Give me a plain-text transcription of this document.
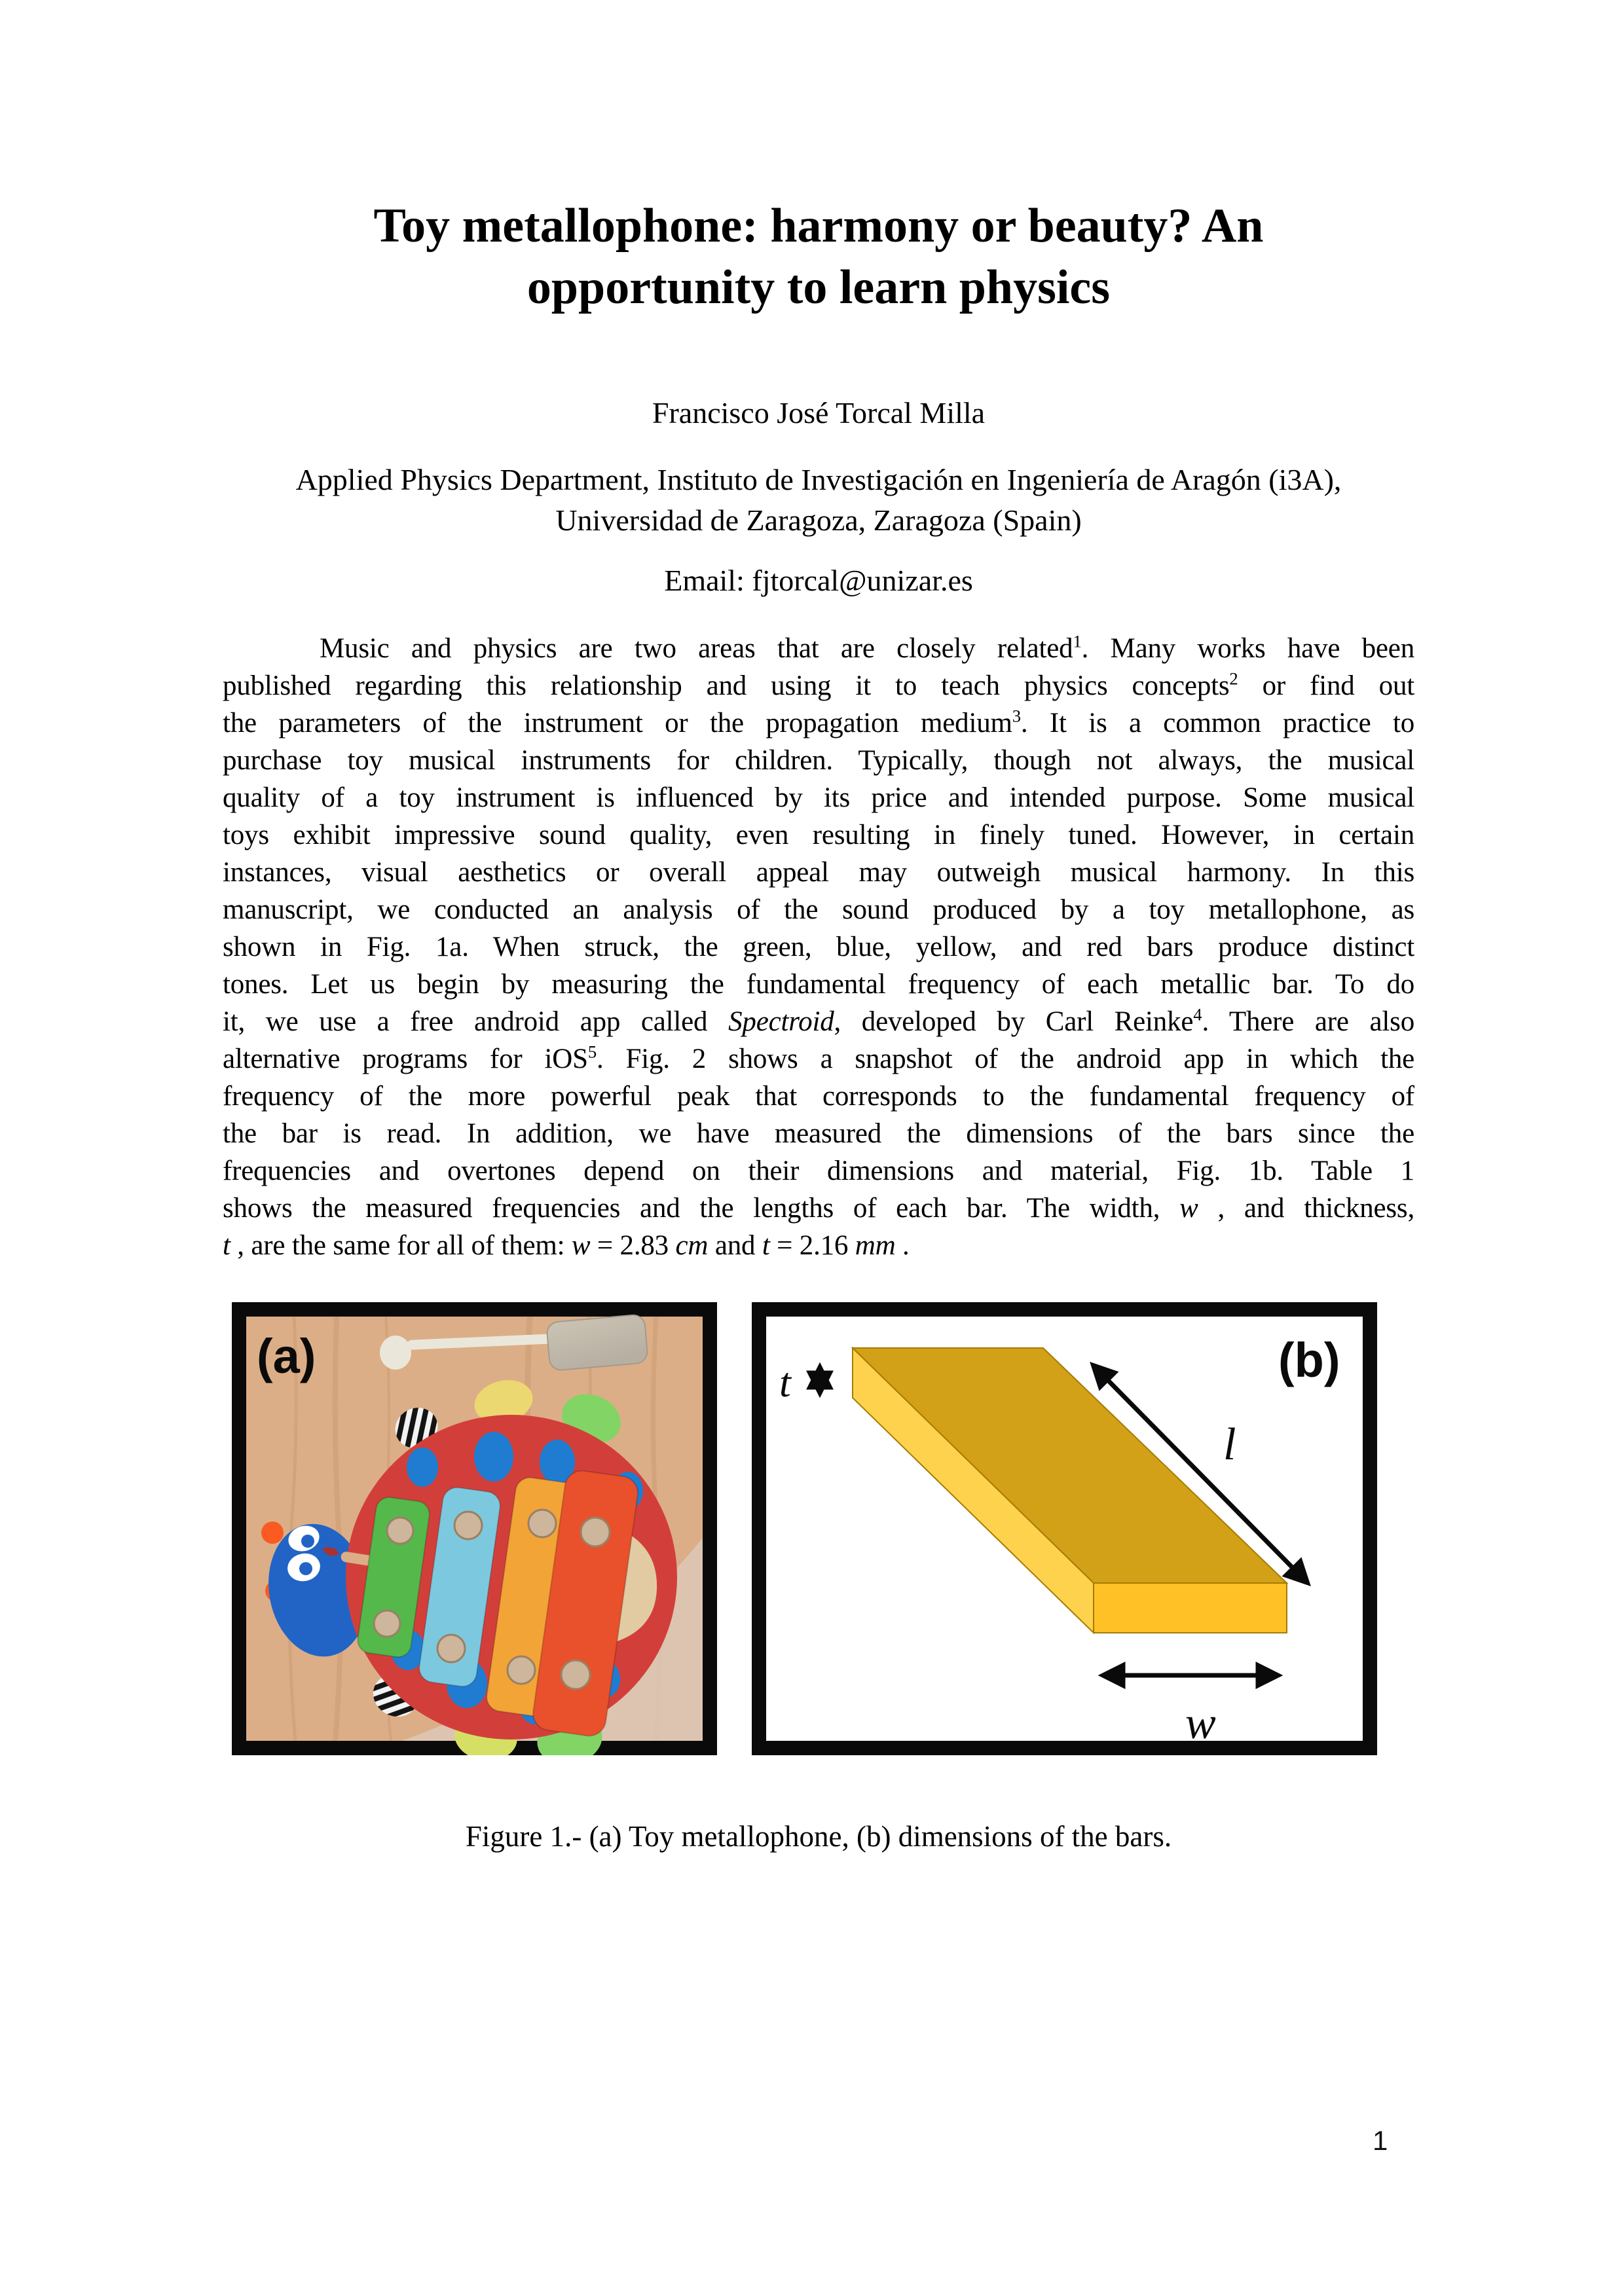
Toy metallophone: harmony or beauty? An
opportunity to learn physics
Francisco José Torcal Milla
Applied Physics Department, Instituto de Investigación en Ingeniería de Aragón (i3A),
Universidad de Zaragoza, Zaragoza (Spain)
Email: fjtorcal@unizar.es
Music and physics are two areas that are closely related$^1$. Many works have been
published regarding this relationship and using it to teach physics concepts$^2$ or find out
the parameters of the instrument or the propagation medium$^3$. It is a common practice to
purchase toy musical instruments for children. Typically, though not always, the musical
quality of a toy instrument is influenced by its price and intended purpose. Some musical
toys exhibit impressive sound quality, even resulting in finely tuned. However, in certain
instances, visual aesthetics or overall appeal may outweigh musical harmony. In this
manuscript, we conducted an analysis of the sound produced by a toy metallophone, as
shown in Fig. 1a. When struck, the green, blue, yellow, and red bars produce distinct
tones. Let us begin by measuring the fundamental frequency of each metallic bar. To do
it, we use a free android app called Spectroid, developed by Carl Reinke$^4$. There are also
alternative programs for iOS$^5$. Fig. 2 shows a snapshot of the android app in which the
frequency of the more powerful peak that corresponds to the fundamental frequency of
the bar is read. In addition, we have measured the dimensions of the bars since the
frequencies and overtones depend on their dimensions and material, Fig. 1b. Table 1
shows the measured frequencies and the lengths of each bar. The width, w , and thickness,
t , are the same for all of them: w = 2.83 cm and t = 2.16 mm .
(a)	t
l
w
(b)
Figure 1.- (a) Toy metallophone, (b) dimensions of the bars.
1
